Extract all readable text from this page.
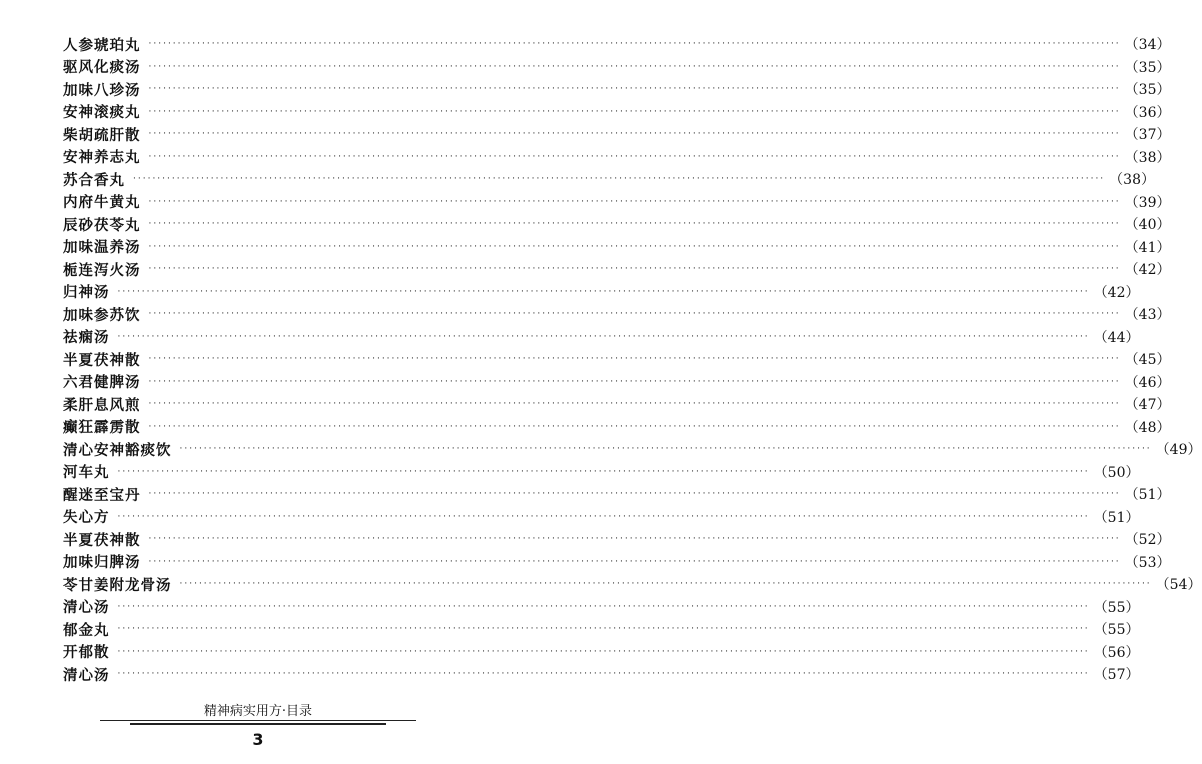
人参琥珀丸 ········································································································································································································ （34）
驱风化痰汤 ········································································································································································································ （35）
加味八珍汤 ········································································································································································································ （35）
安神滚痰丸 ········································································································································································································ （36）
柴胡疏肝散 ········································································································································································································ （37）
安神养志丸 ········································································································································································································ （38）
苏合香丸 ········································································································································································································ （38）
内府牛黄丸 ········································································································································································································ （39）
辰砂茯苓丸 ········································································································································································································ （40）
加味温养汤 ········································································································································································································ （41）
栀连泻火汤 ········································································································································································································ （42）
归神汤 ········································································································································································································ （42）
加味参苏饮 ········································································································································································································ （43）
祛痫汤 ········································································································································································································ （44）
半夏茯神散 ········································································································································································································ （45）
六君健脾汤 ········································································································································································································ （46）
柔肝息风煎 ········································································································································································································ （47）
癫狂霹雳散 ········································································································································································································ （48）
清心安神豁痰饮 ········································································································································································································ （49）
河车丸 ········································································································································································································ （50）
醒迷至宝丹 ········································································································································································································ （51）
失心方 ········································································································································································································ （51）
半夏茯神散 ········································································································································································································ （52）
加味归脾汤 ········································································································································································································ （53）
苓甘姜附龙骨汤 ········································································································································································································ （54）
清心汤 ········································································································································································································ （55）
郁金丸 ········································································································································································································ （55）
开郁散 ········································································································································································································ （56）
清心汤 ········································································································································································································ （57）
精神病实用方·目录
3
